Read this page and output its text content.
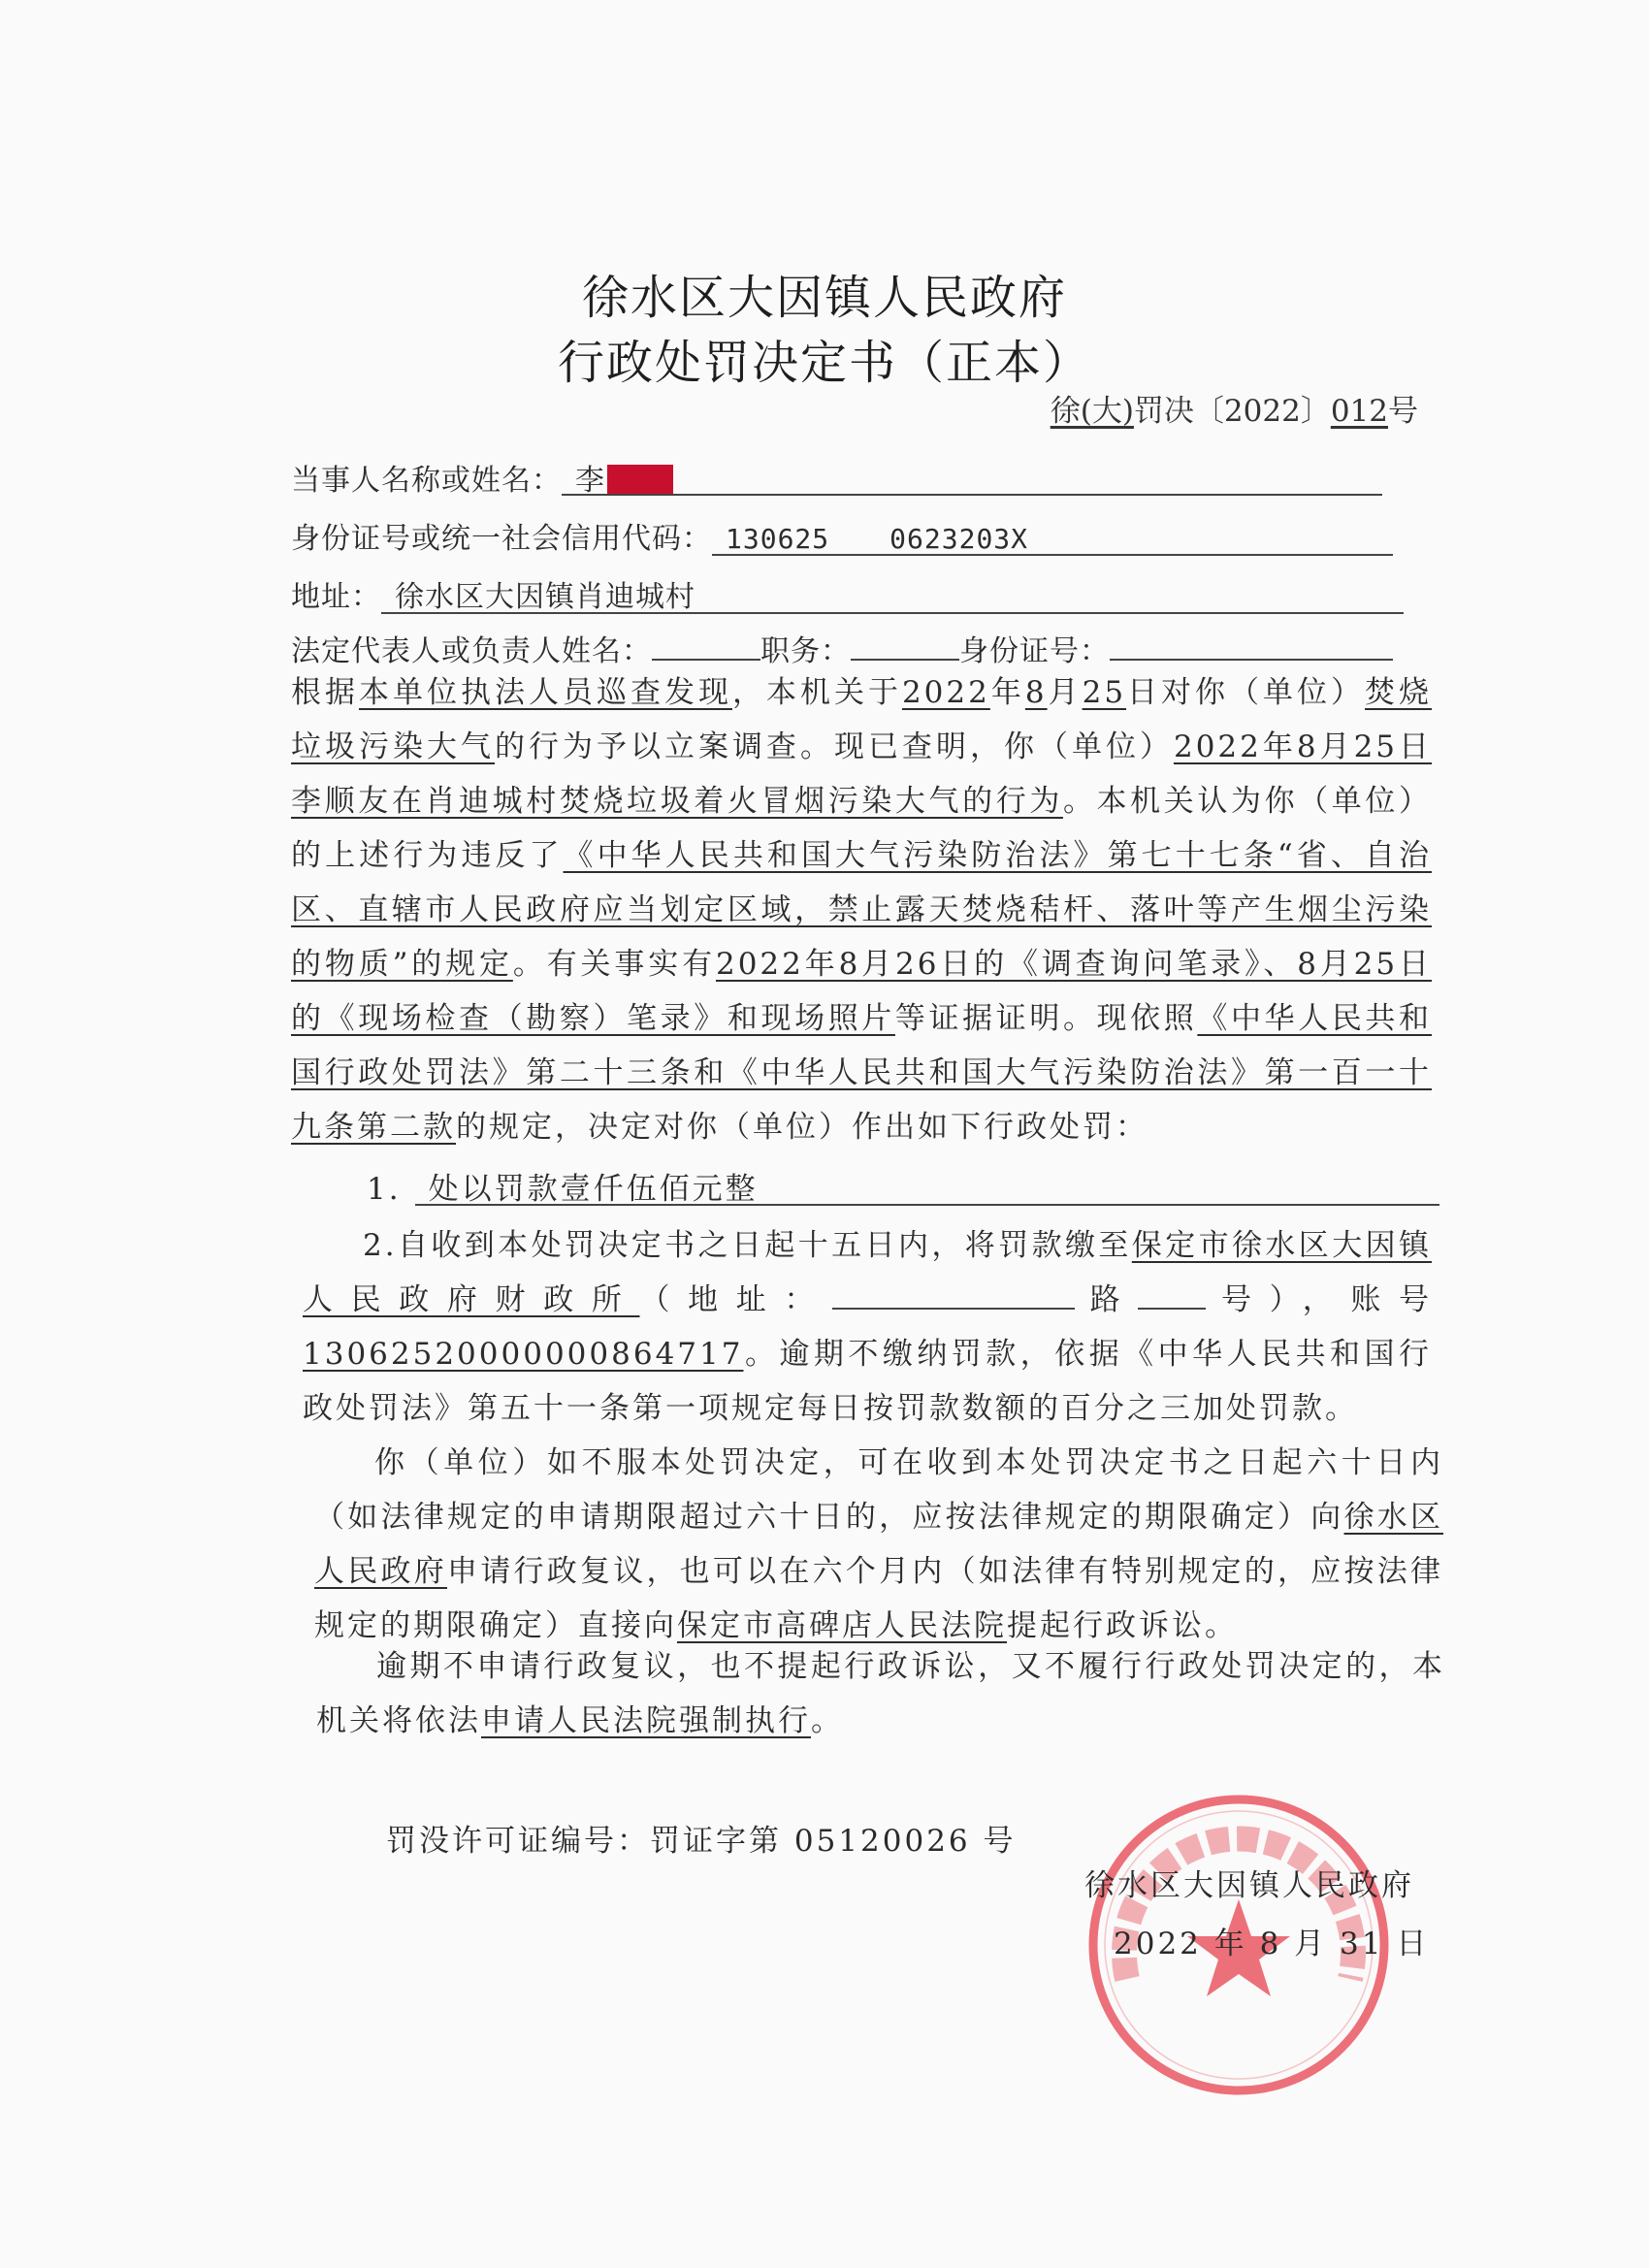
徐水区大因镇人民政府
行政处罚决定书（正本）
徐(大)罚决〔2022〕012号
当事人名称或姓名： 李
身份证号或统一社会信用代码： 130625 0623203X
地址： 徐水区大因镇肖迪城村
法定代表人或负责人姓名：	职务：	身份证号：
根据本单位执法人员巡查发现，本机关于2022年8月25日对你（单位）焚烧垃圾污染大气的行为予以立案调查。现已查明，你（单位）2022年8月25日李顺友在肖迪城村焚烧垃圾着火冒烟污染大气的行为。本机关认为你（单位）的上述行为违反了《中华人民共和国大气污染防治法》第七十七条“省、自治区、直辖市人民政府应当划定区域，禁止露天焚烧秸杆、落叶等产生烟尘污染的物质”的规定。有关事实有2022年8月26日的《调查询问笔录》、8月25日的《现场检查（勘察）笔录》和现场照片等证据证明。现依照《中华人民共和国行政处罚法》第二十三条和《中华人民共和国大气污染防治法》第一百一十九条第二款的规定，决定对你（单位）作出如下行政处罚：
1. 处以罚款壹仟伍佰元整
2.自收到本处罚决定书之日起十五日内，将罚款缴至保定市徐水区大因镇人民政府财政所（地址：	路 号），账号13062520000000864717。逾期不缴纳罚款，依据《中华人民共和国行政处罚法》第五十一条第一项规定每日按罚款数额的百分之三加处罚款。
你（单位）如不服本处罚决定，可在收到本处罚决定书之日起六十日内（如法律规定的申请期限超过六十日的，应按法律规定的期限确定）向徐水区人民政府申请行政复议，也可以在六个月内（如法律有特别规定的，应按法律规定的期限确定）直接向保定市高碑店人民法院提起行政诉讼。
逾期不申请行政复议，也不提起行政诉讼，又不履行行政处罚决定的，本机关将依法申请人民法院强制执行。
罚没许可证编号：罚证字第 05120026 号
徐水区大因镇人民政府
2022 年 8 月 31 日
